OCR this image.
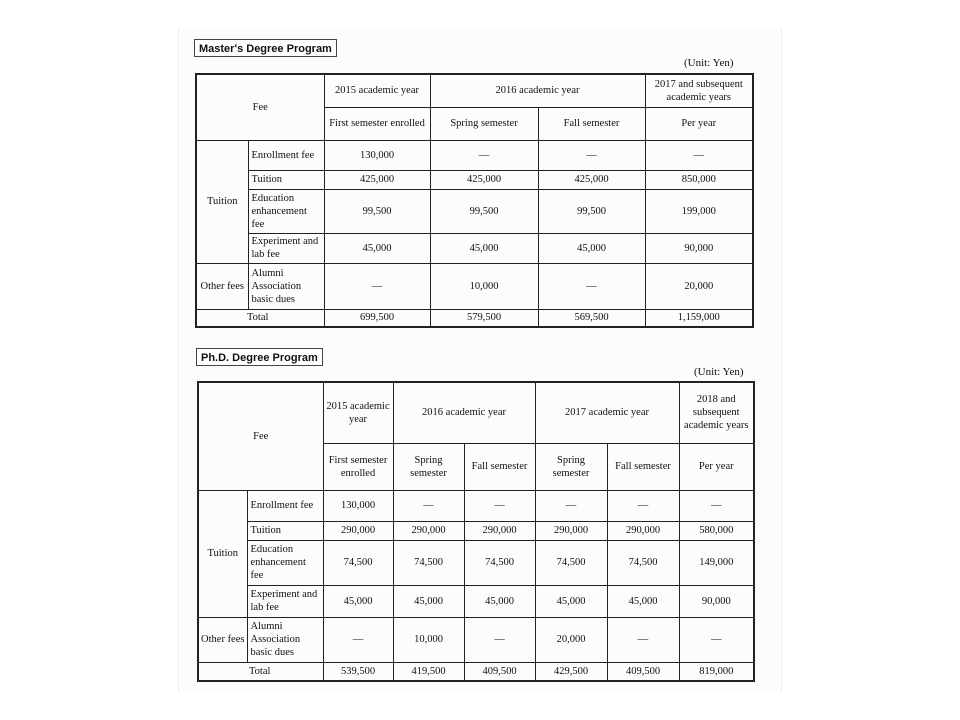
Master's Degree Program
(Unit: Yen)
Fee		2015 academic year	2016 academic year		2017 and subsequent academic years
		First semester enrolled	Spring semester	Fall semester	Per year
Tuition	Enrollment fee	130,000	—	—	—
	Tuition	425,000	425,000	425,000	850,000
	Education enhancement fee	99,500	99,500	99,500	199,000
	Experiment and lab fee	45,000	45,000	45,000	90,000
Other fees	Alumni Association basic dues	—	10,000	—	20,000
Total		699,500	579,500	569,500	1,159,000
Ph.D. Degree Program
(Unit: Yen)
Fee		2015 academic year	2016 academic year		2017 academic year		2018 and subsequent academic years
		First semester enrolled	Spring semester	Fall semester	Spring semester	Fall semester	Per year
Tuition	Enrollment fee	130,000	—	—	—	—	—
	Tuition	290,000	290,000	290,000	290,000	290,000	580,000
	Education enhancement fee	74,500	74,500	74,500	74,500	74,500	149,000
	Experiment and lab fee	45,000	45,000	45,000	45,000	45,000	90,000
Other fees	Alumni Association basic dues	—	10,000	—	20,000	—	—
Total		539,500	419,500	409,500	429,500	409,500	819,000
